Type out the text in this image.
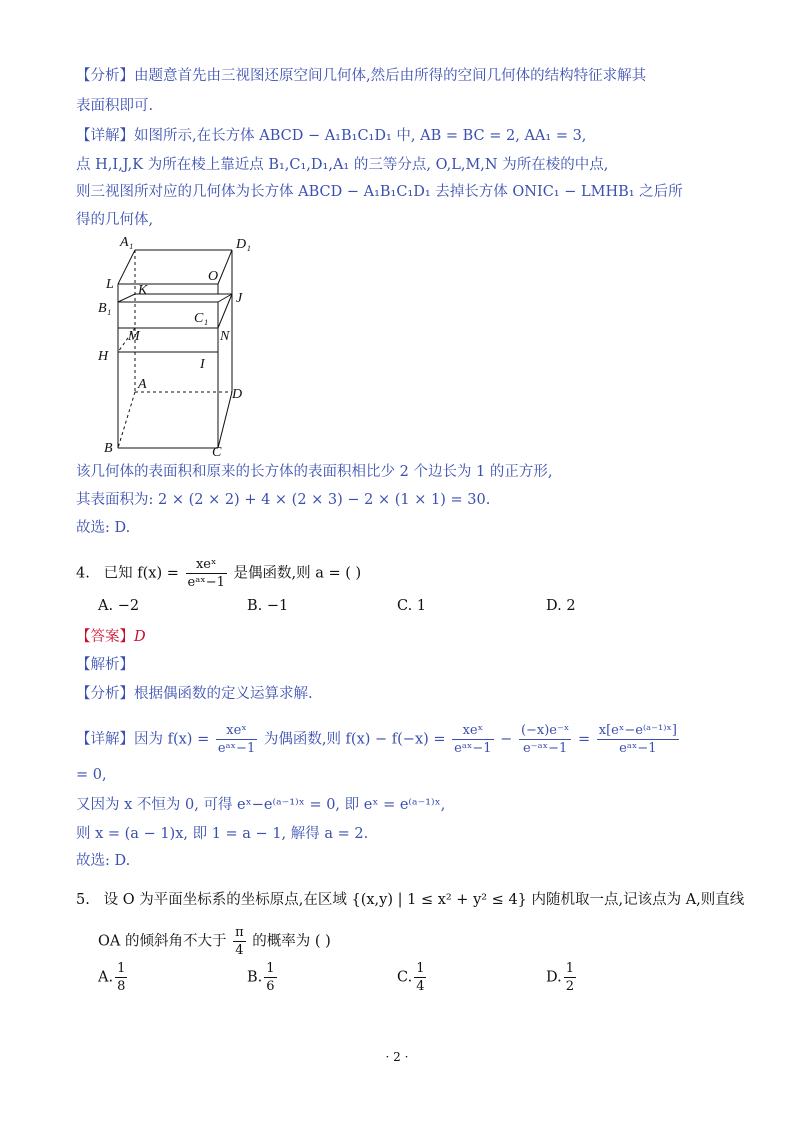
【分析】由题意首先由三视图还原空间几何体,然后由所得的空间几何体的结构特征求解其
表面积即可.
【详解】如图所示,在长方体 ABCD − A₁B₁C₁D₁ 中, AB = BC = 2, AA₁ = 3,
点 H,I,J,K 为所在棱上靠近点 B₁,C₁,D₁,A₁ 的三等分点, O,L,M,N 为所在棱的中点,
则三视图所对应的几何体为长方体 ABCD − A₁B₁C₁D₁ 去掉长方体 ONIC₁ − LMHB₁ 之后所
得的几何体,
A₁	D₁
L
O
K
J
B₁
C₁
M	N
H
I
A
D
B	C
该几何体的表面积和原来的长方体的表面积相比少 2 个边长为 1 的正方形,
其表面积为: 2 × (2 × 2) + 4 × (2 × 3) − 2 × (1 × 1) = 30.
故选: D.
4. 已知 $f(x) = \frac{\text{xeˣ}}{\text{eᵃˣ−1}}$ 是偶函数,则 a = ( )
A. −2	B. −1	C. 1	D. 2
【答案】D
【解析】
【分析】根据偶函数的定义运算求解.
【详解】因为 $f(x) = \frac{\text{xeˣ}}{\text{eᵃˣ−1}}$ 为偶函数,则 $f(x) - f(-x) = \frac{\text{xeˣ}}{\text{eᵃˣ−1}} - \frac{\text{(−x)e⁻ˣ}}{\text{e⁻ᵃˣ−1}} = \frac{\text{x[eˣ−e⁽ᵃ⁻¹⁾ˣ]}}{\text{eᵃˣ−1}}$
= 0,
又因为 x 不恒为 0, 可得 eˣ−e⁽ᵃ⁻¹⁾ˣ = 0, 即 eˣ = e⁽ᵃ⁻¹⁾ˣ,
则 x = (a − 1)x, 即 1 = a − 1, 解得 a = 2.
故选: D.
5. 设 O 为平面坐标系的坐标原点,在区域 {(x,y) | 1 ≤ x² + y² ≤ 4} 内随机取一点,记该点为 A,则直线
OA 的倾斜角不大于 $\frac{\pi}{4}$ 的概率为 ( )
A. $\frac{1}{8}$	B. $\frac{1}{6}$	C. $\frac{1}{4}$	D. $\frac{1}{2}$
· 2 ·
